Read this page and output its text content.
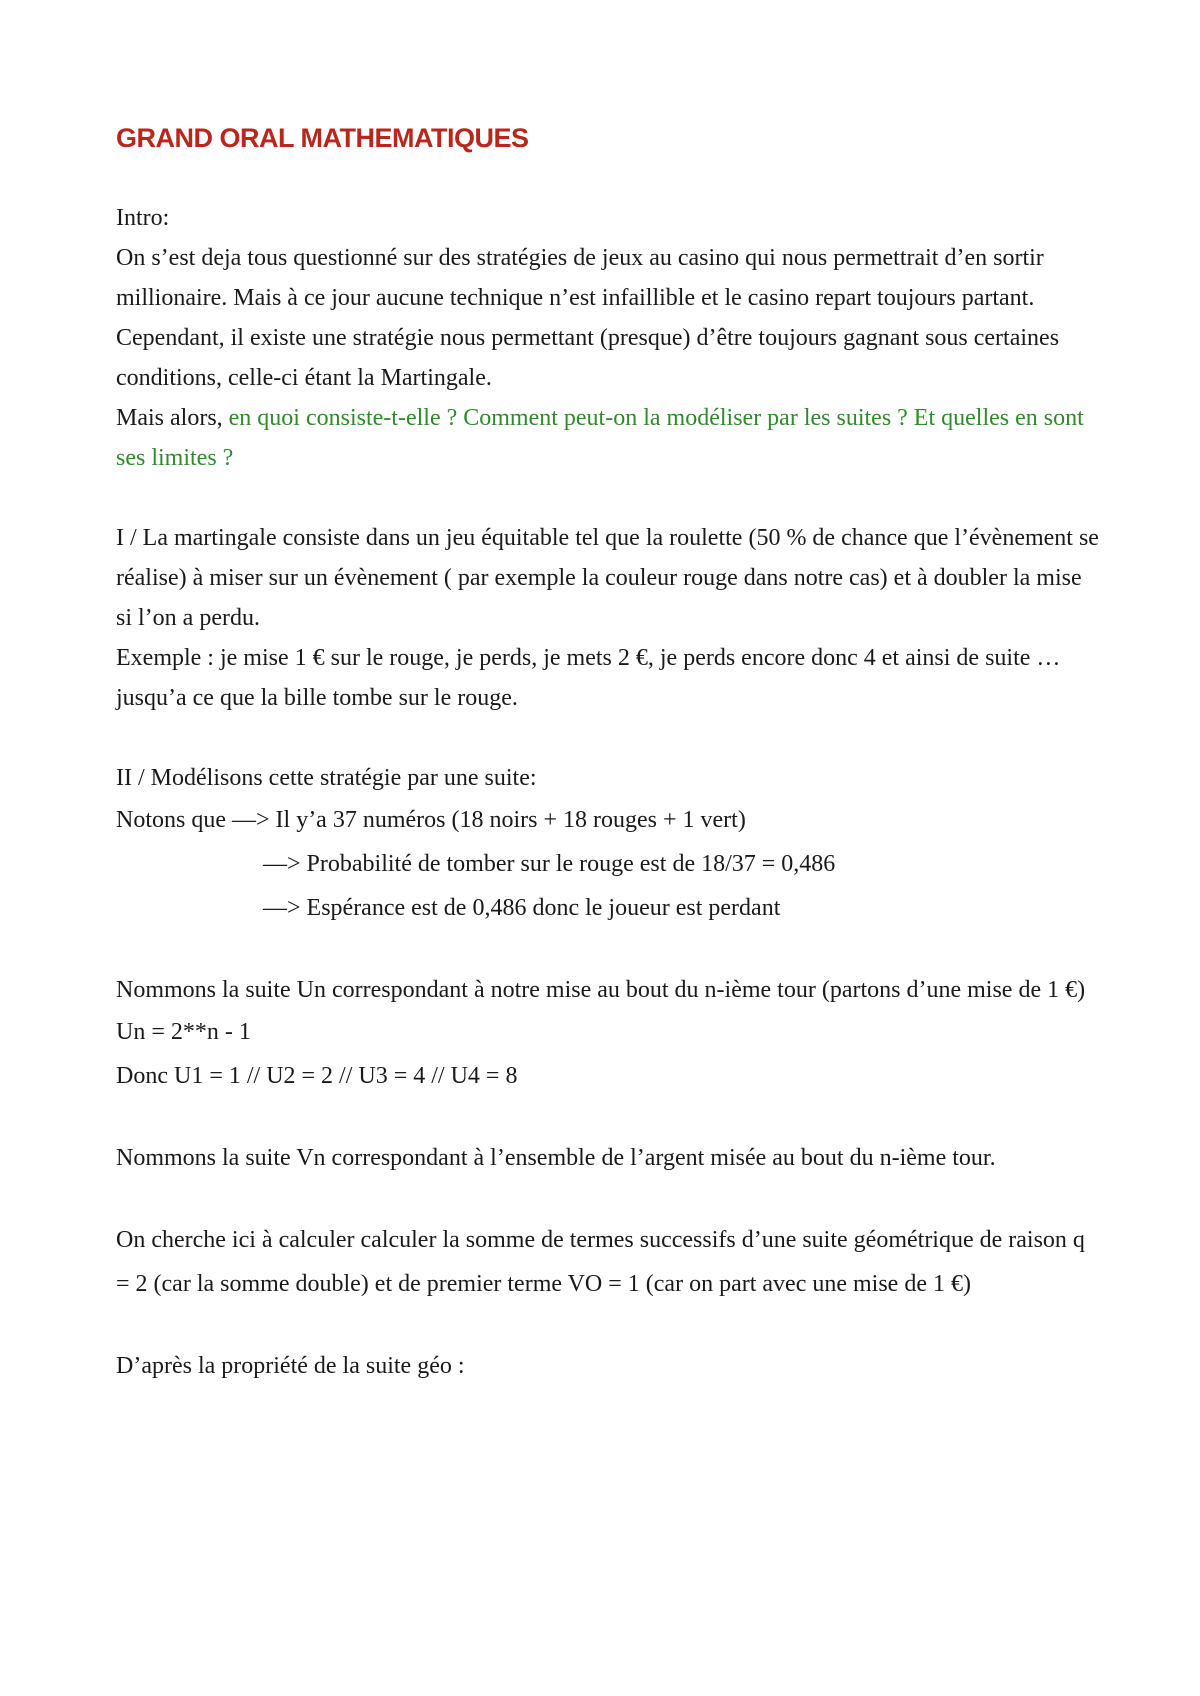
GRAND ORAL MATHEMATIQUES

Intro:

On s’est deja tous questionné sur des stratégies de jeux au casino qui nous permettrait d’en sortir millionaire. Mais à ce jour aucune technique n’est infaillible et le casino repart toujours partant. Cependant, il existe une stratégie nous permettant (presque) d’être toujours gagnant sous certaines conditions, celle-ci étant la Martingale.

Mais alors, en quoi consiste-t-elle ? Comment peut-on la modéliser par les suites ? Et quelles en sont ses limites ?

I / La martingale consiste dans un jeu équitable tel que la roulette (50 % de chance que l’évènement se réalise) à miser sur un évènement ( par exemple la couleur rouge dans notre cas) et à doubler la mise si l’on a perdu.

Exemple : je mise 1 € sur le rouge, je perds, je mets 2 €, je perds encore donc 4 et ainsi de suite … jusqu’a ce que la bille tombe sur le rouge.

II / Modélisons cette stratégie par une suite:

Notons que —> Il y’a 37 numéros (18 noirs + 18 rouges + 1 vert)

—> Probabilité de tomber sur le rouge est de 18/37 = 0,486

—> Espérance est de 0,486 donc le joueur est perdant

Nommons la suite Un correspondant à notre mise au bout du n-ième tour (partons d’une mise de 1 €)

Un = 2**n - 1

Donc U1 = 1 // U2 = 2 // U3 = 4 // U4 = 8

Nommons la suite Vn correspondant à l’ensemble de l’argent misée au bout du n-ième tour.

On cherche ici à calculer calculer la somme de termes successifs d’une suite géométrique de raison q = 2 (car la somme double) et de premier terme VO = 1 (car on part avec une mise de 1 €)

D’après la propriété de la suite géo :
